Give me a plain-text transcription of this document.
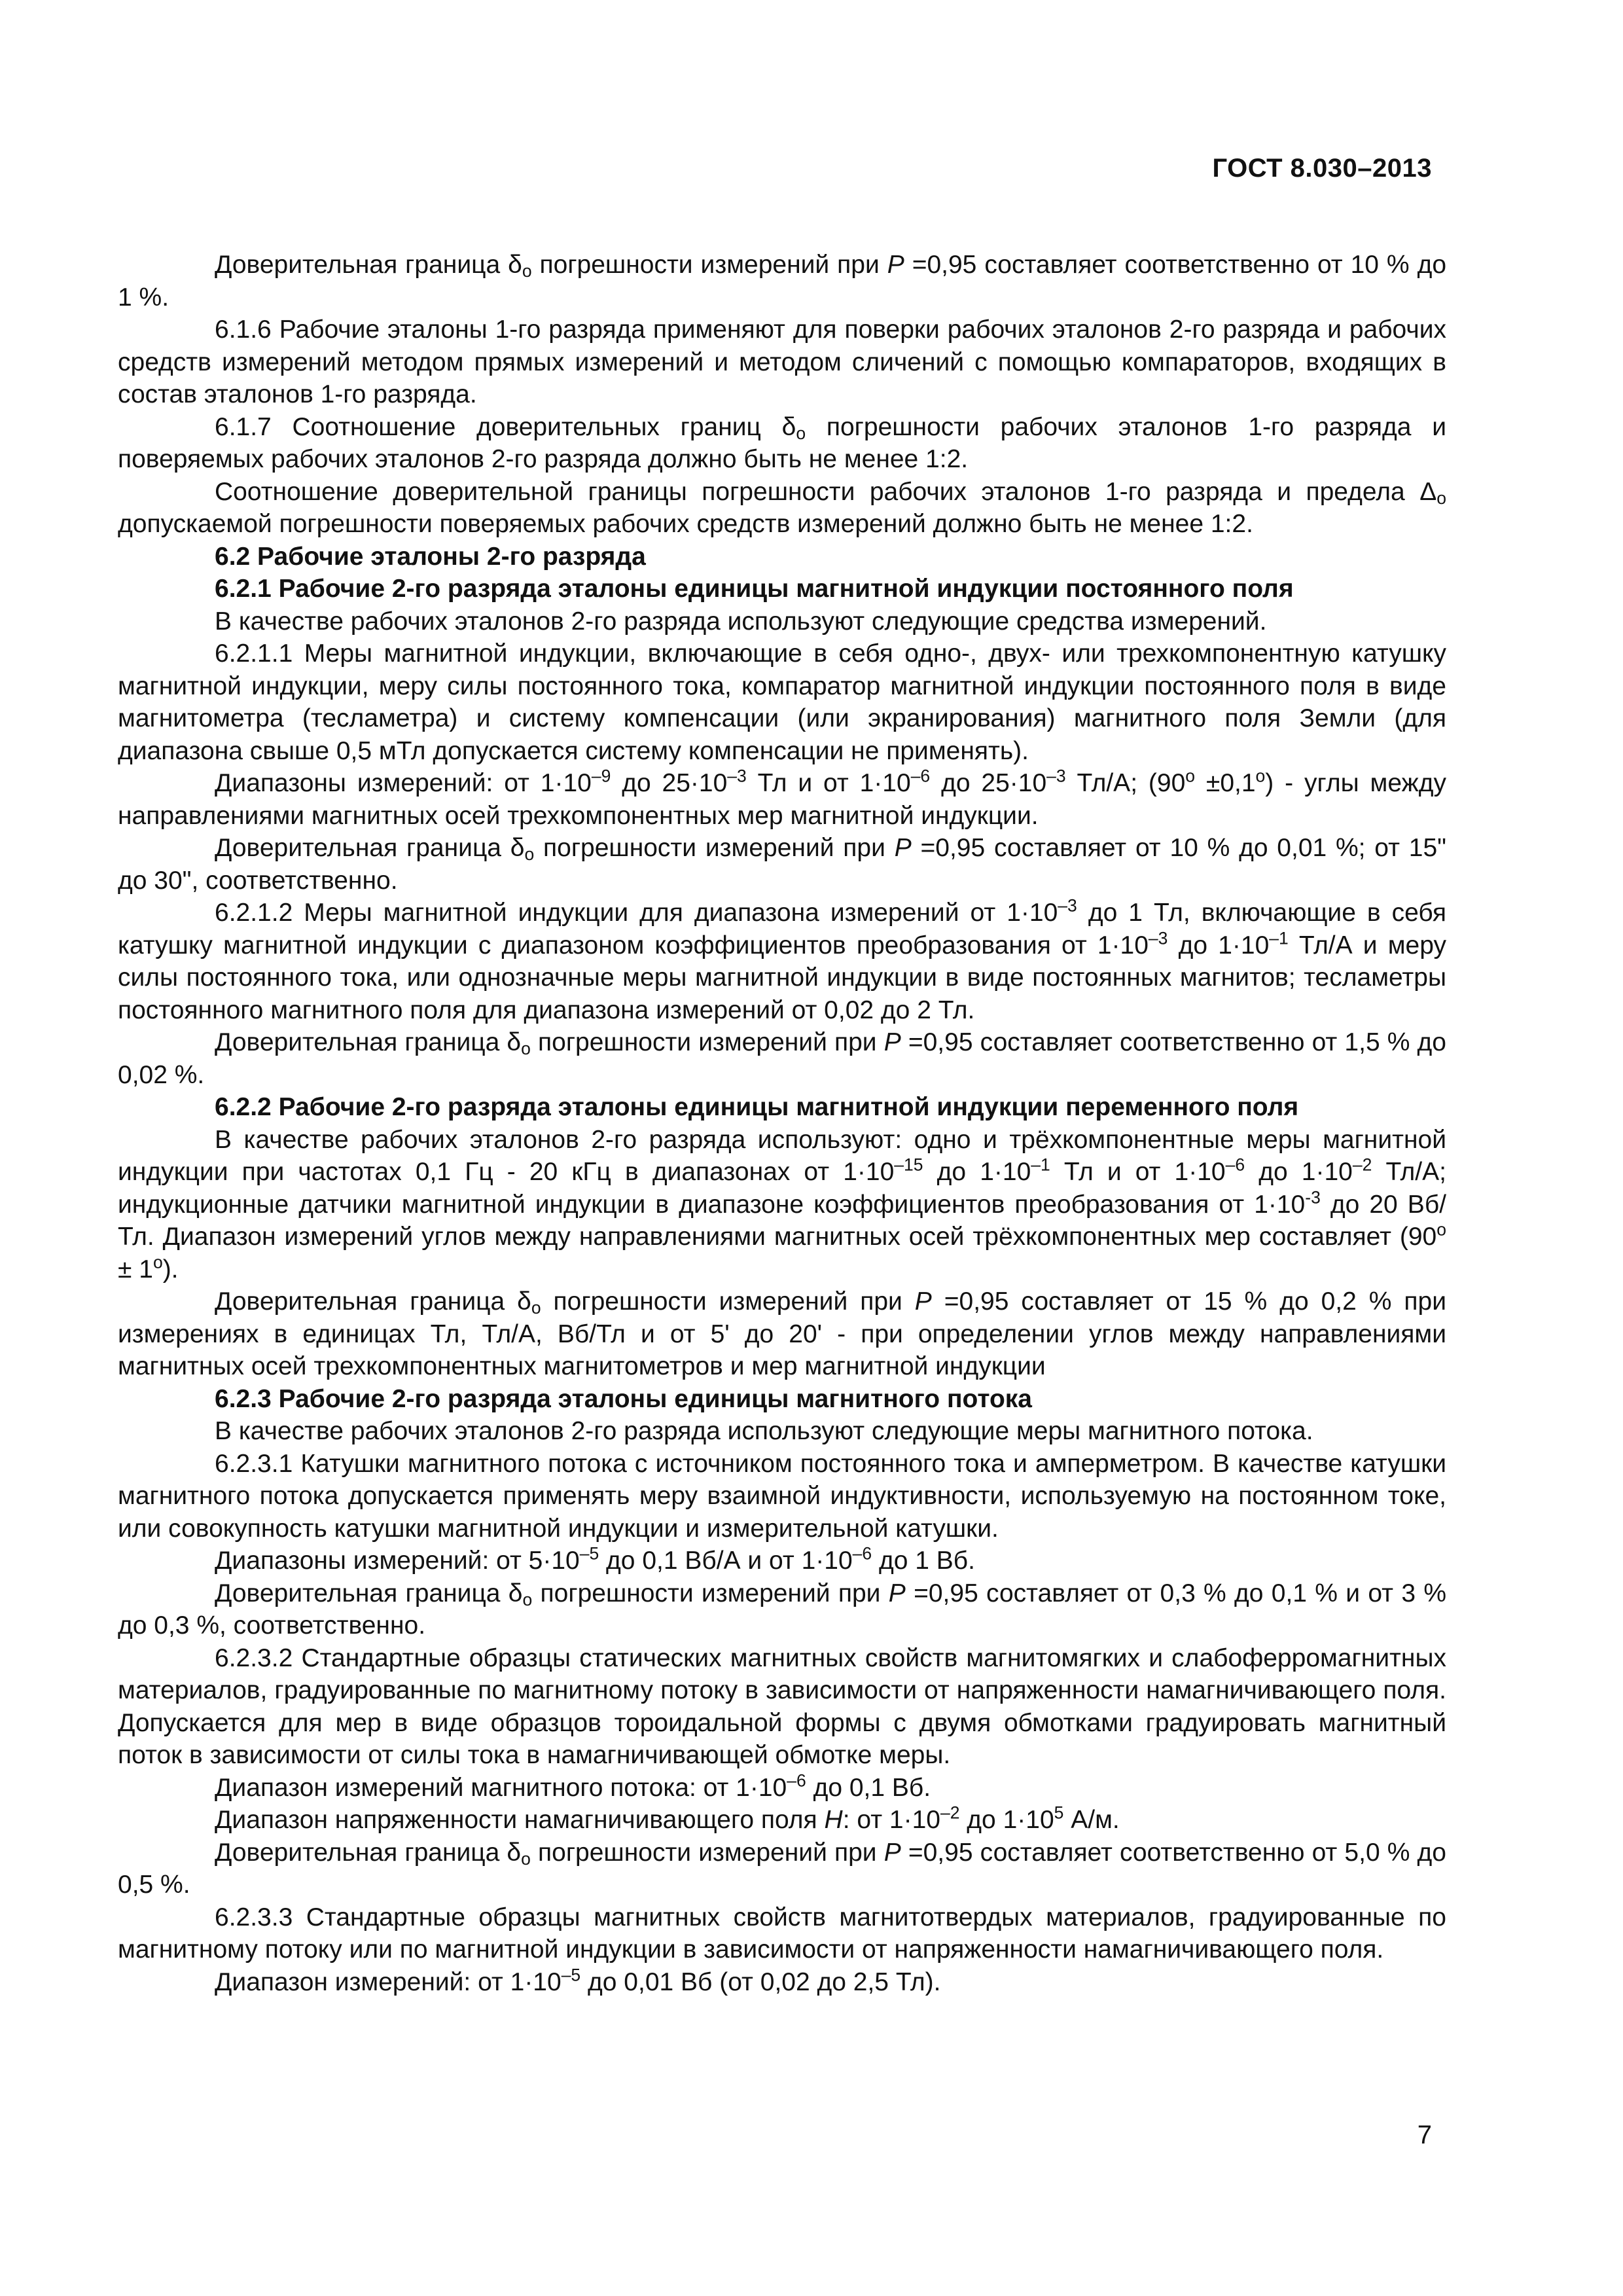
ГОСТ 8.030–2013

Доверительная граница $\delta_о$ погрешности измерений при Р =0,95 составляет соответственно от 10 % до 1 %.

6.1.6 Рабочие эталоны 1-го разряда применяют для поверки рабочих эталонов 2-го разряда и рабочих средств измерений методом прямых измерений и методом сличений с помощью компараторов, входящих в состав эталонов 1-го разряда.

6.1.7 Соотношение доверительных границ $\delta_о$ погрешности рабочих эталонов 1-го разряда и поверяемых рабочих эталонов 2-го разряда должно быть не менее 1:2.

Соотношение доверительной границы погрешности рабочих эталонов 1-го разряда и предела $\Delta_о$ допускаемой погрешности поверяемых рабочих средств измерений должно быть не менее 1:2.

6.2 Рабочие эталоны 2-го разряда

6.2.1 Рабочие 2-го разряда эталоны единицы магнитной индукции постоянного поля

В качестве рабочих эталонов 2-го разряда используют следующие средства измерений.

6.2.1.1 Меры магнитной индукции, включающие в себя одно-, двух- или трехкомпонентную катушку магнитной индукции, меру силы постоянного тока, компаратор магнитной индукции постоянного поля в виде магнитометра (тесламетра) и систему компенсации (или экранирования) магнитного поля Земли (для диапазона свыше 0,5 мТл допускается систему компенсации не применять).

Диапазоны измерений: от $1\cdot 10^{-9}$ до $25\cdot 10^{-3}$ Тл и от $1\cdot 10^{-6}$ до $25\cdot 10^{-3}$ Тл/А; $(90^о \pm 0,1^о)$ - углы между направлениями магнитных осей трехкомпонентных мер магнитной индукции.

Доверительная граница $\delta_о$ погрешности измерений при Р =0,95 составляет от 10 % до 0,01 %; от 15" до 30", соответственно.

6.2.1.2 Меры магнитной индукции для диапазона измерений от $1\cdot 10^{-3}$ до 1 Тл, включающие в себя катушку магнитной индукции с диапазоном коэффициентов преобразования от $1\cdot 10^{-3}$ до $1\cdot 10^{-1}$ Тл/А и меру силы постоянного тока, или однозначные меры магнитной индукции в виде постоянных магнитов; тесламетры постоянного магнитного поля для диапазона измерений от 0,02 до 2 Тл.

Доверительная граница $\delta_о$ погрешности измерений при Р =0,95 составляет соответственно от 1,5 % до 0,02 %.

6.2.2 Рабочие 2-го разряда эталоны единицы магнитной индукции переменного поля

В качестве рабочих эталонов 2-го разряда используют: одно и трёхкомпонентные меры магнитной индукции при частотах 0,1 Гц - 20 кГц в диапазонах от $1\cdot 10^{-15}$ до $1\cdot 10^{-1}$ Тл и от $1\cdot 10^{-6}$ до $1\cdot 10^{-2}$ Тл/А; индукционные датчики магнитной индукции в диапазоне коэффициентов преобразования от $1\cdot 10^{-3}$ до 20 Вб/Тл. Диапазон измерений углов между направлениями магнитных осей трёхкомпонентных мер составляет $(90^о \pm 1^о)$.

Доверительная граница $\delta_о$ погрешности измерений при Р =0,95 составляет от 15 % до 0,2 % при измерениях в единицах Тл, Тл/А, Вб/Тл и от 5' до 20' - при определении углов между направлениями магнитных осей трехкомпонентных магнитометров и мер магнитной индукции

6.2.3 Рабочие 2-го разряда эталоны единицы магнитного потока

В качестве рабочих эталонов 2-го разряда используют следующие меры магнитного потока.

6.2.3.1 Катушки магнитного потока с источником постоянного тока и амперметром. В качестве катушки магнитного потока допускается применять меру взаимной индуктивности, используемую на постоянном токе, или совокупность катушки магнитной индукции и измерительной катушки.

Диапазоны измерений: от $5\cdot 10^{-5}$ до 0,1 Вб/А и от $1\cdot 10^{-6}$ до 1 Вб.

Доверительная граница $\delta_о$ погрешности измерений при Р =0,95 составляет от 0,3 % до 0,1 % и от 3 % до 0,3 %, соответственно.

6.2.3.2 Стандартные образцы статических магнитных свойств магнитомягких и слабоферромагнитных материалов, градуированные по магнитному потоку в зависимости от напряженности намагничивающего поля. Допускается для мер в виде образцов тороидальной формы с двумя обмотками градуировать магнитный поток в зависимости от силы тока в намагничивающей обмотке меры.

Диапазон измерений магнитного потока: от $1\cdot 10^{-6}$ до 0,1 Вб.

Диапазон напряженности намагничивающего поля H: от $1\cdot 10^{-2}$ до $1\cdot 10^5$ А/м.

Доверительная граница $\delta_о$ погрешности измерений при Р =0,95 составляет соответственно от 5,0 % до 0,5 %.

6.2.3.3 Стандартные образцы магнитных свойств магнитотвердых материалов, градуированные по магнитному потоку или по магнитной индукции в зависимости от напряженности намагничивающего поля.

Диапазон измерений: от $1\cdot 10^{-5}$ до 0,01 Вб (от 0,02 до 2,5 Тл).

7
